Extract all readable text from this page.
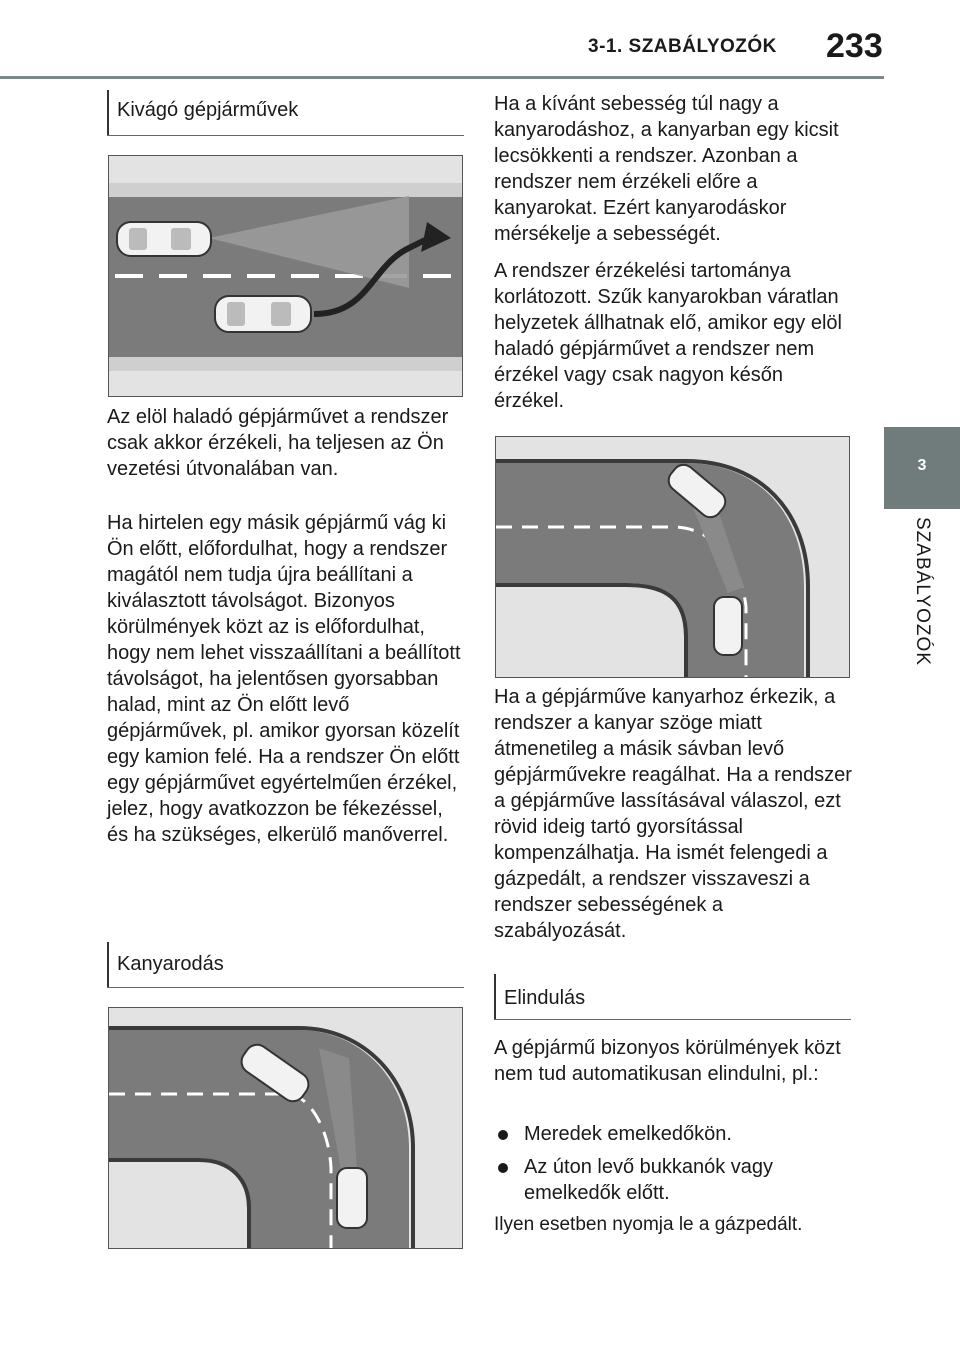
3-1. SZABÁLYOZÓK 233
3
SZABÁLYOZÓK
Kivágó gépjárművek

Az elöl haladó gépjárművet a rendszer csak akkor érzékeli, ha teljesen az Ön vezetési útvonalában van.

Ha hirtelen egy másik gépjármű vág ki Ön előtt, előfordulhat, hogy a rendszer magától nem tudja újra beállítani a kiválasztott távolságot. Bizonyos körülmények közt az is előfordulhat, hogy nem lehet visszaállítani a beállított távolságot, ha jelentősen gyorsabban halad, mint az Ön előtt levő gépjárművek, pl. amikor gyorsan közelít egy kamion felé. Ha a rendszer Ön előtt egy gépjárművet egyértelműen érzékel, jelez, hogy avatkozzon be fékezéssel, és ha szükséges, elkerülő manőverrel.

Kanyarodás

Ha a kívánt sebesség túl nagy a kanyarodáshoz, a kanyarban egy kicsit lecsökkenti a rendszer. Azonban a rendszer nem érzékeli előre a kanyarokat. Ezért kanyarodáskor mérsékelje a sebességét.

A rendszer érzékelési tartománya korlátozott. Szűk kanyarokban váratlan helyzetek állhatnak elő, amikor egy elöl haladó gépjárművet a rendszer nem érzékel vagy csak nagyon későn érzékel.

Ha a gépjárműve kanyarhoz érkezik, a rendszer a kanyar szöge miatt átmenetileg a másik sávban levő gépjárművekre reagálhat. Ha a rendszer a gépjárműve lassításával válaszol, ezt rövid ideig tartó gyorsítással kompenzálhatja. Ha ismét felengedi a gázpedált, a rendszer visszaveszi a rendszer sebességének a szabályozását.

Elindulás

A gépjármű bizonyos körülmények közt nem tud automatikusan elindulni, pl.:

Meredek emelkedőkön.
Az úton levő bukkanók vagy emelkedők előtt.

Ilyen esetben nyomja le a gázpedált.
